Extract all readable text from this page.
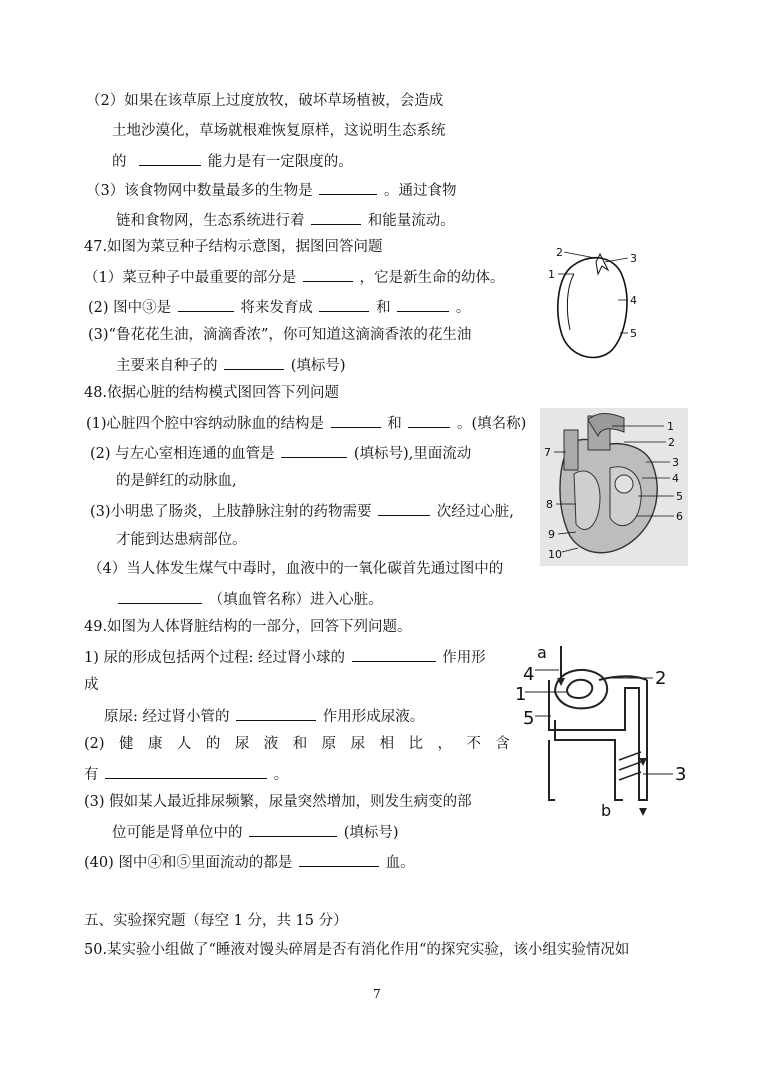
（2）如果在该草原上过度放牧，破坏草场植被，会造成
土地沙漠化，草场就根难恢复原样，这说明生态系统
的	能力是有一定限度的。
（3）该食物网中数量最多的生物是	。通过食物
链和食物网，生态系统进行着	和能量流动。
47.如图为菜豆种子结构示意图，据图回答问题
（1）菜豆种子中最重要的部分是	，它是新生命的幼体。
(2) 图中③是	将来发育成	和	。
(3)“鲁花花生油，滴滴香浓”，你可知道这滴滴香浓的花生油
主要来自种子的	(填标号)
2	3
1
4
5
48.依据心脏的结构模式图回答下列问题
(1)心脏四个腔中容纳动脉血的结构是	和	。(填名称)
(2) 与左心室相连通的血管是	(填标号),里面流动
的是鲜红的动脉血,
(3)小明患了肠炎，上肢静脉注射的药物需要	次经过心脏,
才能到达患病部位。
（4）当人体发生煤气中毒时，血液中的一氧化碳首先通过图中的
（填血管名称）进入心脏。
1
2
7
3
4
5
8
6
9
10
49.如图为人体肾脏结构的一部分，回答下列问题。
1) 尿的形成包括两个过程: 经过肾小球的	作用形
成
原尿: 经过肾小管的	作用形成尿液。
(2) 健 康 人 的 尿 液 和 原 尿 相 比 ， 不 含
有	。
(3) 假如某人最近排尿频繁，尿量突然增加，则发生病变的部
位可能是肾单位中的	(填标号)
(40) 图中④和⑤里面流动的都是	血。
a
4	2
1
5
3
b
五、实验探究题（每空 1 分，共 15 分）
50.某实验小组做了“睡液对馒头碎屑是否有消化作用“的探究实验，该小组实验情况如
7
